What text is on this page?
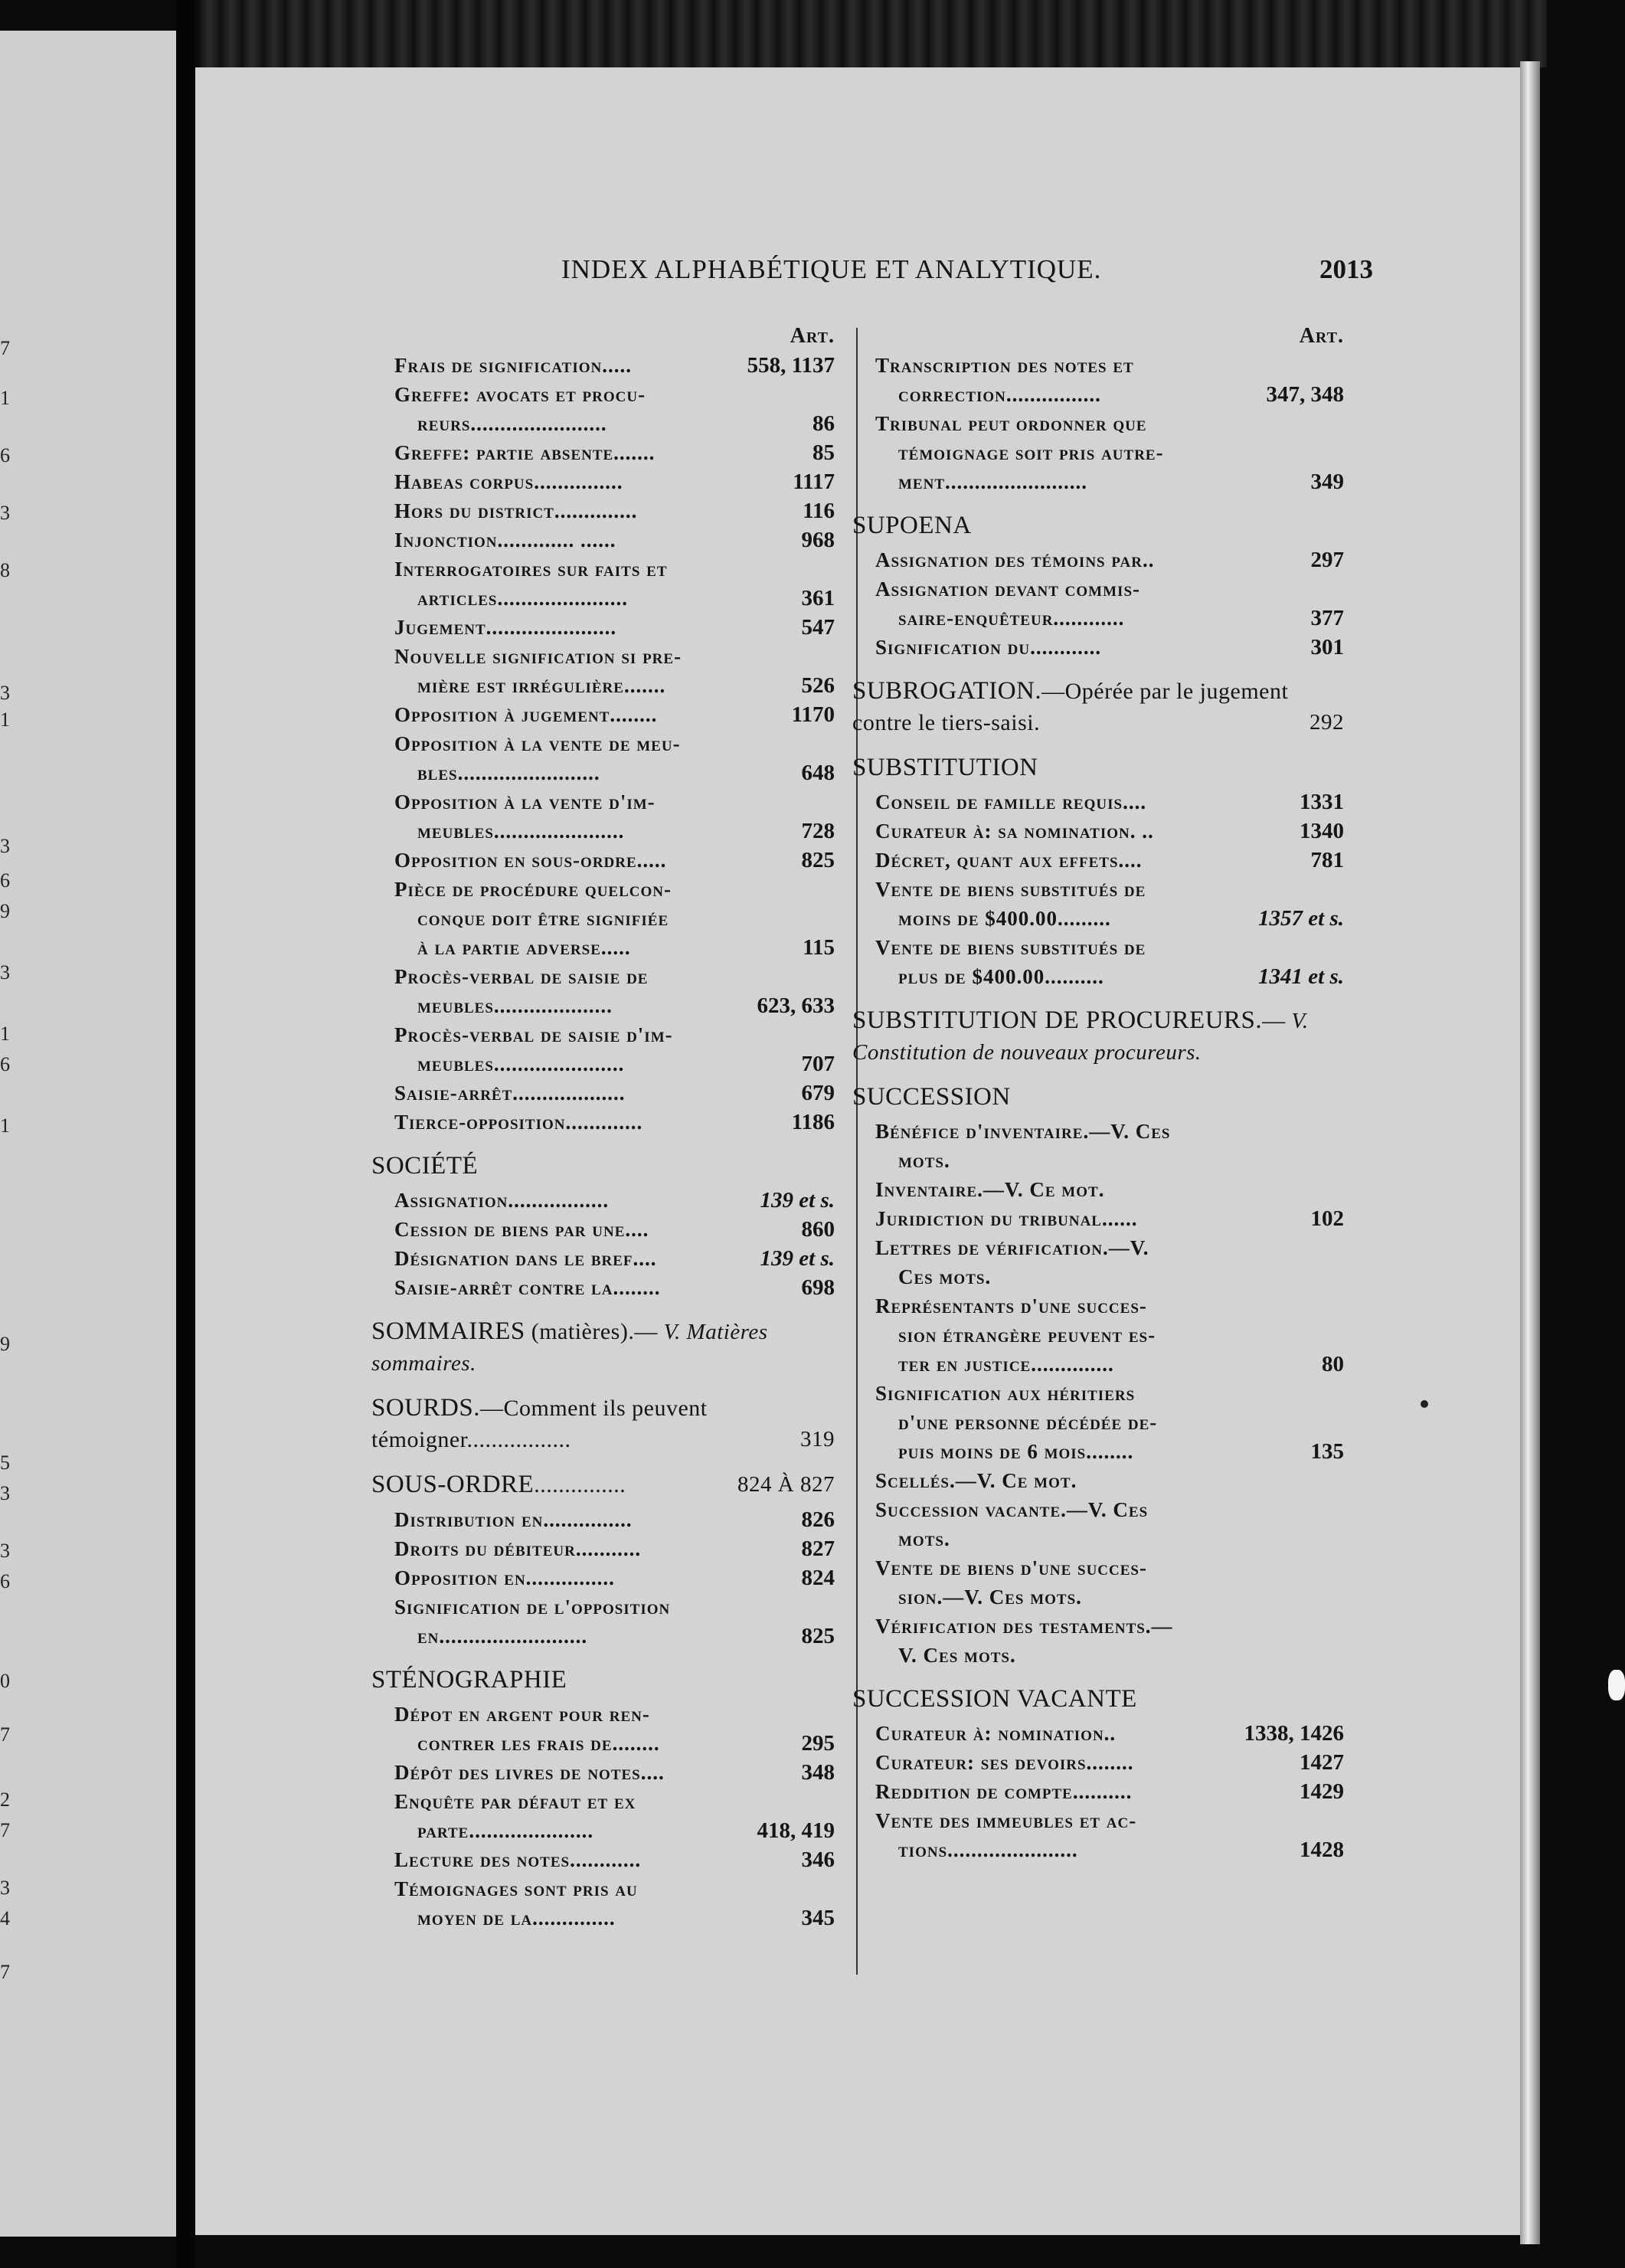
7
1
6
3
8
3
1
3
6
9
3
1
6
1
9
5
3
3
6
0
7
2
7
3
4
7
INDEX ALPHABÉTIQUE ET ANALYTIQUE.	2013
Art.
Frais de signification.....	558, 1137
Greffe: avocats et procu-
reurs.......................	86
Greffe: partie absente.......	85
Habeas corpus...............	1117
Hors du district..............	116
Injonction............. ......	968
Interrogatoires sur faits et
articles......................	361
Jugement......................	547
Nouvelle signification si pre-
mière est irrégulière.......	526
Opposition à jugement........	1170
Opposition à la vente de meu-
bles........................	648
Opposition à la vente d'im-
meubles......................	728
Opposition en sous-ordre.....	825
Pièce de procédure quelcon-
conque doit être signifiée
à la partie adverse.....	115
Procès-verbal de saisie de
meubles....................	623, 633
Procès-verbal de saisie d'im-
meubles......................	707
Saisie-arrêt...................	679
Tierce-opposition.............	1186
SOCIÉTÉ
Assignation.................	139 et s.
Cession de biens par une....	860
Désignation dans le bref....	139 et s.
Saisie-arrêt contre la........	698
SOMMAIRES (matières).— V. Matières sommaires.
SOURDS.—Comment ils peuvent témoigner.................	319
SOUS-ORDRE...............	824 À 827
Distribution en...............	826
Droits du débiteur...........	827
Opposition en...............	824
Signification de l'opposition
en.........................	825
STÉNOGRAPHIE
Dépot en argent pour ren-
contrer les frais de........	295
Dépôt des livres de notes....	348
Enquête par défaut et ex
parte.....................	418, 419
Lecture des notes............	346
Témoignages sont pris au
moyen de la..............	345
Art.
Transcription des notes et
correction................	347, 348
Tribunal peut ordonner que
témoignage soit pris autre-
ment........................	349
SUPOENA
Assignation des témoins par..	297
Assignation devant commis-
saire-enquêteur............	377
Signification du............	301
SUBROGATION.—Opérée par le jugement contre le tiers-saisi.	292
SUBSTITUTION
Conseil de famille requis....	1331
Curateur à: sa nomination. ..	1340
Décret, quant aux effets....	781
Vente de biens substitués de
moins de $400.00.........	1357 et s.
Vente de biens substitués de
plus de $400.00..........	1341 et s.
SUBSTITUTION DE PROCUREURS.— V. Constitution de nouveaux procureurs.
SUCCESSION
Bénéfice d'inventaire.—V. Ces
mots.
Inventaire.—V. Ce mot.
Juridiction du tribunal......	102
Lettres de vérification.—V.
Ces mots.
Représentants d'une succes-
sion étrangère peuvent es-
ter en justice..............	80
Signification aux héritiers
d'une personne décédée de-
puis moins de 6 mois........	135
Scellés.—V. Ce mot.
Succession vacante.—V. Ces
mots.
Vente de biens d'une succes-
sion.—V. Ces mots.
Vérification des testaments.—
V. Ces mots.
SUCCESSION VACANTE
Curateur à: nomination..	1338, 1426
Curateur: ses devoirs........	1427
Reddition de compte..........	1429
Vente des immeubles et ac-
tions......................	1428
